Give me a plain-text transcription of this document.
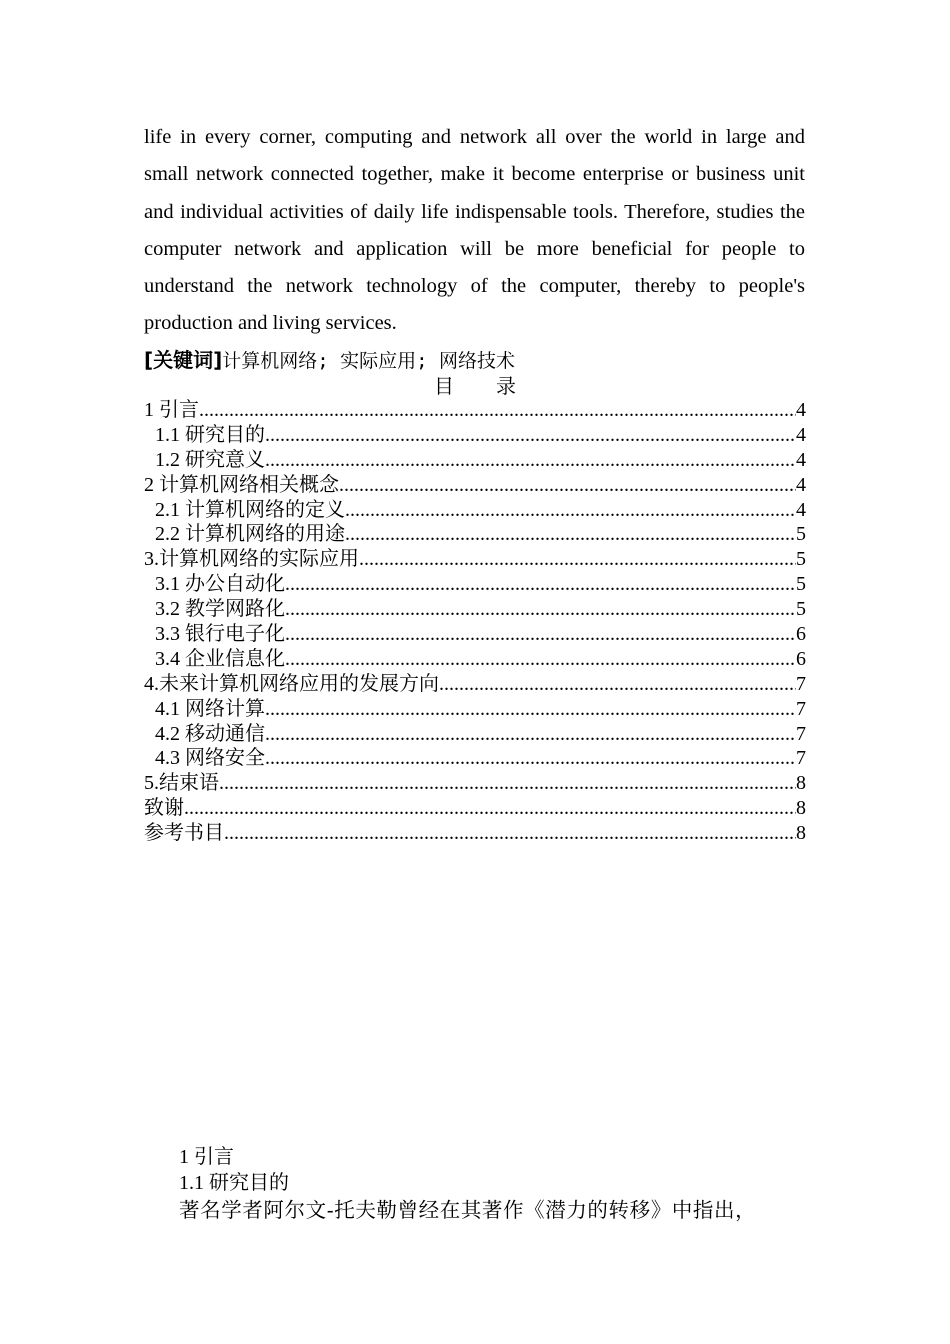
life in every corner, computing and network all over the world in large and small network connected together, make it become enterprise or business unit and individual activities of daily life indispensable tools. Therefore, studies the computer network and application will be more beneficial for people to understand the network technology of the computer, thereby to people's production and living services.

[关键词]计算机网络; 实际应用; 网络技术
目 录
1 引言 .....	4
1.1 研究目的 .....	4
1.2 研究意义 .....	4
2 计算机网络相关概念 .....	4
2.1 计算机网络的定义 .....	4
2.2 计算机网络的用途 .....	5
3.计算机网络的实际应用 .....	5
3.1 办公自动化 .....	5
3.2 教学网路化 .....	5
3.3 银行电子化 .....	6
3.4 企业信息化 .....	6
4.未来计算机网络应用的发展方向 .....	7
4.1 网络计算 .....	7
4.2 移动通信 .....	7
4.3 网络安全 .....	7
5.结束语 .....	8
致谢 .....	8
参考书目 .....	8
1 引言
1.1 研究目的
著名学者阿尔文-托夫勒曾经在其著作《潜力的转移》中指出，
